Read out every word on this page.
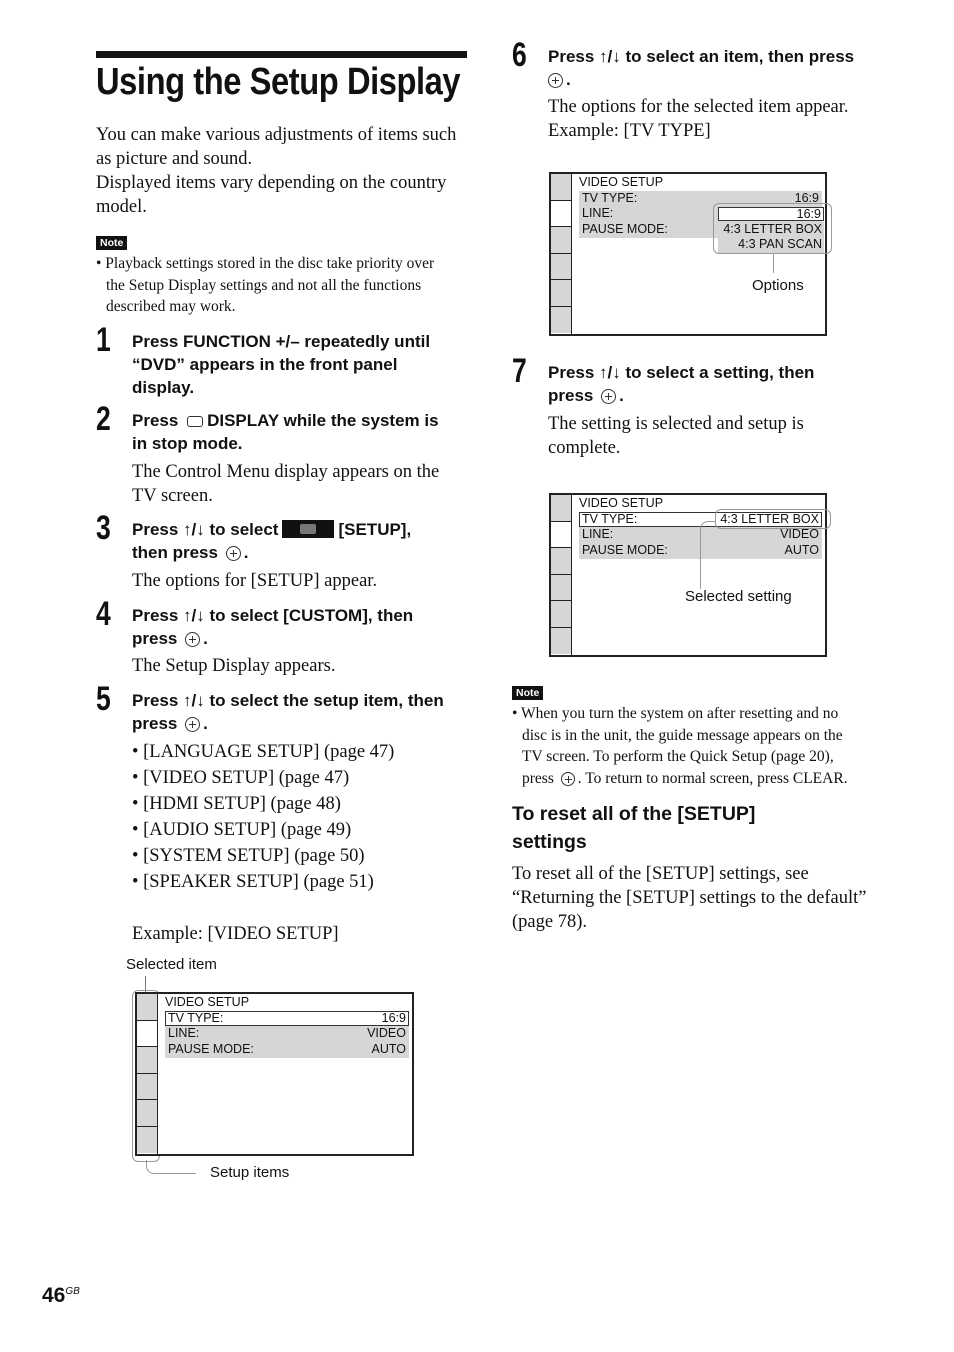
Using the Setup Display
You can make various adjustments of items such
as picture and sound.
Displayed items vary depending on the country
model.
Note
• Playback settings stored in the disc take priority over
the Setup Display settings and not all the functions
described may work.
1 Press FUNCTION +/– repeatedly until
“DVD” appears in the front panel
display.
2 Press DISPLAY while the system is
in stop mode.
The Control Menu display appears on the
TV screen.
3 Press ↑/↓ to select	[SETUP],
then press .
The options for [SETUP] appear.
4 Press ↑/↓ to select [CUSTOM], then
press .
The Setup Display appears.
5 Press ↑/↓ to select the setup item, then
press .
• [LANGUAGE SETUP] (page 47)
• [VIDEO SETUP] (page 47)
• [HDMI SETUP] (page 48)
• [AUDIO SETUP] (page 49)
• [SYSTEM SETUP] (page 50)
• [SPEAKER SETUP] (page 51)
Example: [VIDEO SETUP]
Selected item
Setup items
VIDEO SETUP
TV TYPE:	16:9
LINE:	VIDEO
PAUSE MODE:	AUTO
6 Press ↑/↓ to select an item, then press
.
The options for the selected item appear.
Example: [TV TYPE]
VIDEO SETUP
TV TYPE:	16:9
LINE:
PAUSE MODE:
16:9
4:3 LETTER BOX
4:3 PAN SCAN
Options
7 Press ↑/↓ to select a setting, then
press .
The setting is selected and setup is
complete.
VIDEO SETUP
TV TYPE:	4:3 LETTER BOX
LINE:	VIDEO
PAUSE MODE:	AUTO
Selected setting
Note
• When you turn the system on after resetting and no
disc is in the unit, the guide message appears on the
TV screen. To perform the Quick Setup (page 20),
press . To return to normal screen, press CLEAR.
To reset all of the [SETUP]
settings
To reset all of the [SETUP] settings, see
“Returning the [SETUP] settings to the default”
(page 78).
$46^{GB}$
